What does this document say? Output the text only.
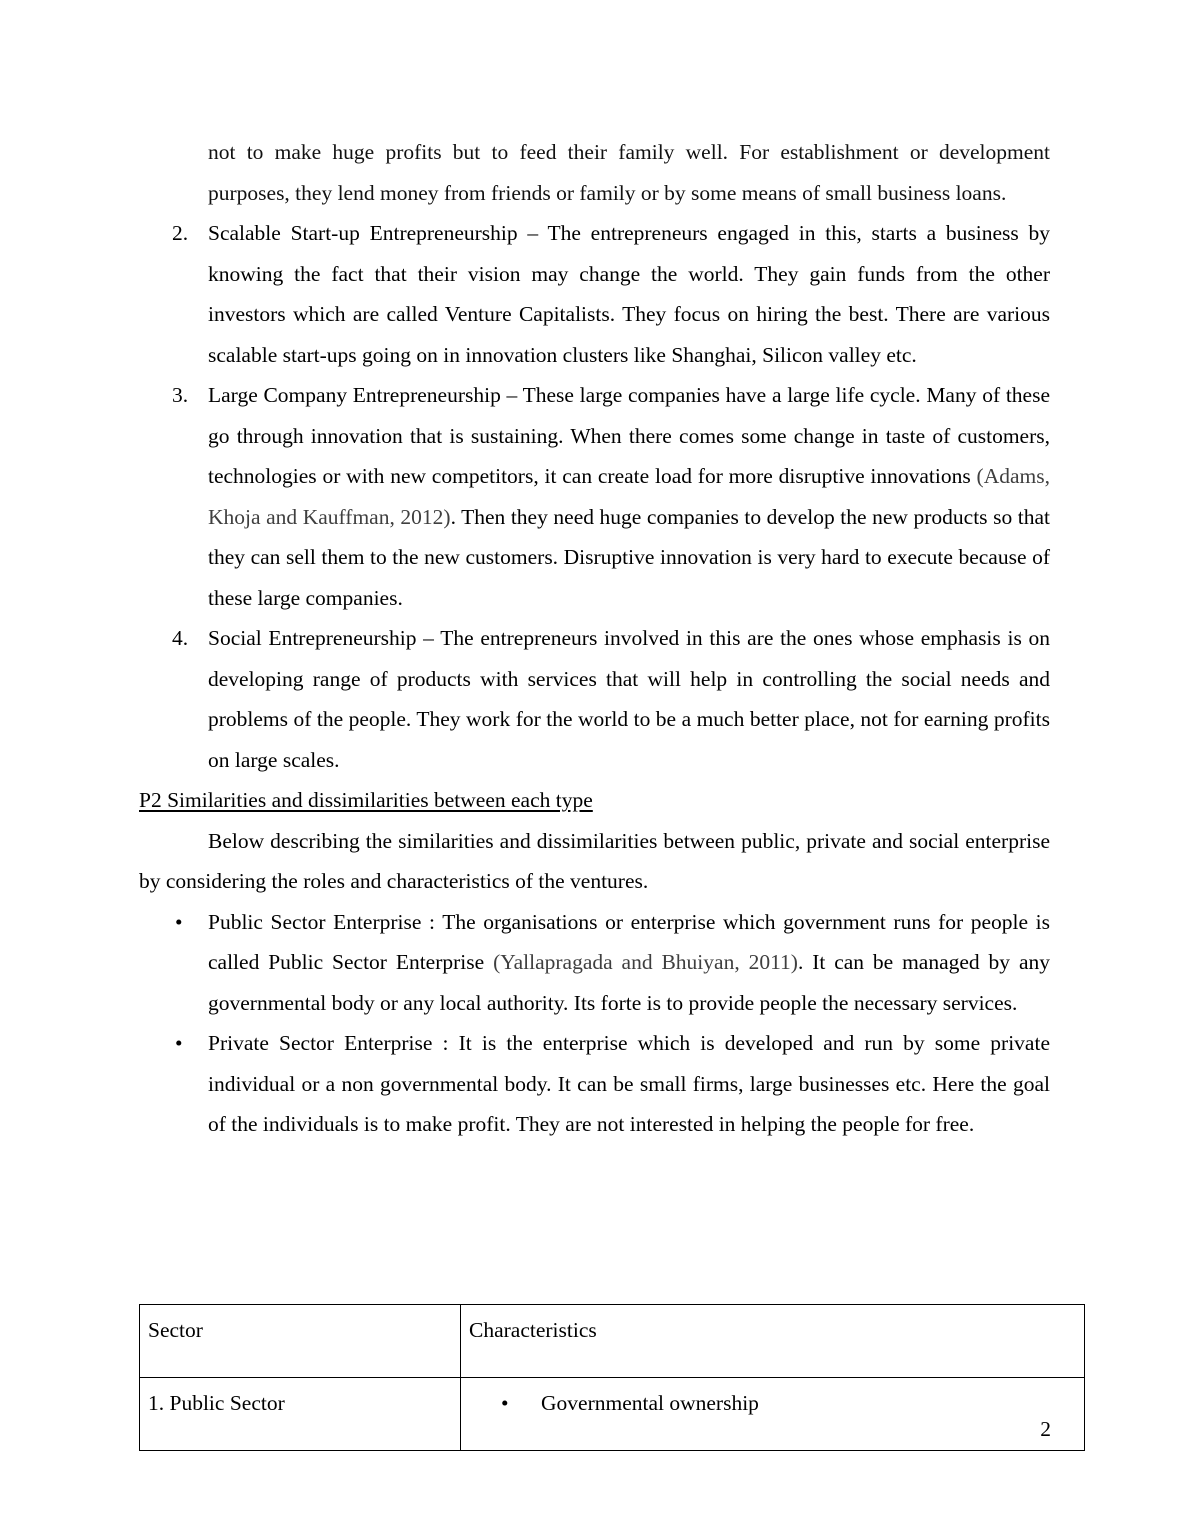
not to make huge profits but to feed their family well. For establishment or development purposes, they lend money from friends or family or by some means of small business loans.

2. Scalable Start-up Entrepreneurship – The entrepreneurs engaged in this, starts a business by knowing the fact that their vision may change the world. They gain funds from the other investors which are called Venture Capitalists. They focus on hiring the best. There are various scalable start-ups going on in innovation clusters like Shanghai, Silicon valley etc.
3. Large Company Entrepreneurship – These large companies have a large life cycle. Many of these go through innovation that is sustaining. When there comes some change in taste of customers, technologies or with new competitors, it can create load for more disruptive innovations (Adams, Khoja and Kauffman, 2012). Then they need huge companies to develop the new products so that they can sell them to the new customers. Disruptive innovation is very hard to execute because of these large companies.
4. Social Entrepreneurship – The entrepreneurs involved in this are the ones whose emphasis is on developing range of products with services that will help in controlling the social needs and problems of the people. They work for the world to be a much better place, not for earning profits on large scales.

P2 Similarities and dissimilarities between each type

Below describing the similarities and dissimilarities between public, private and social enterprise by considering the roles and characteristics of the ventures.

• Public Sector Enterprise : The organisations or enterprise which government runs for people is called Public Sector Enterprise (Yallapragada and Bhuiyan, 2011). It can be managed by any governmental body or any local authority. Its forte is to provide people the necessary services.
• Private Sector Enterprise : It is the enterprise which is developed and run by some private individual or a non governmental body. It can be small firms, large businesses etc. Here the goal of the individuals is to make profit. They are not interested in helping the people for free.
Sector	Characteristics
1. Public Sector	• Governmental ownership
2
